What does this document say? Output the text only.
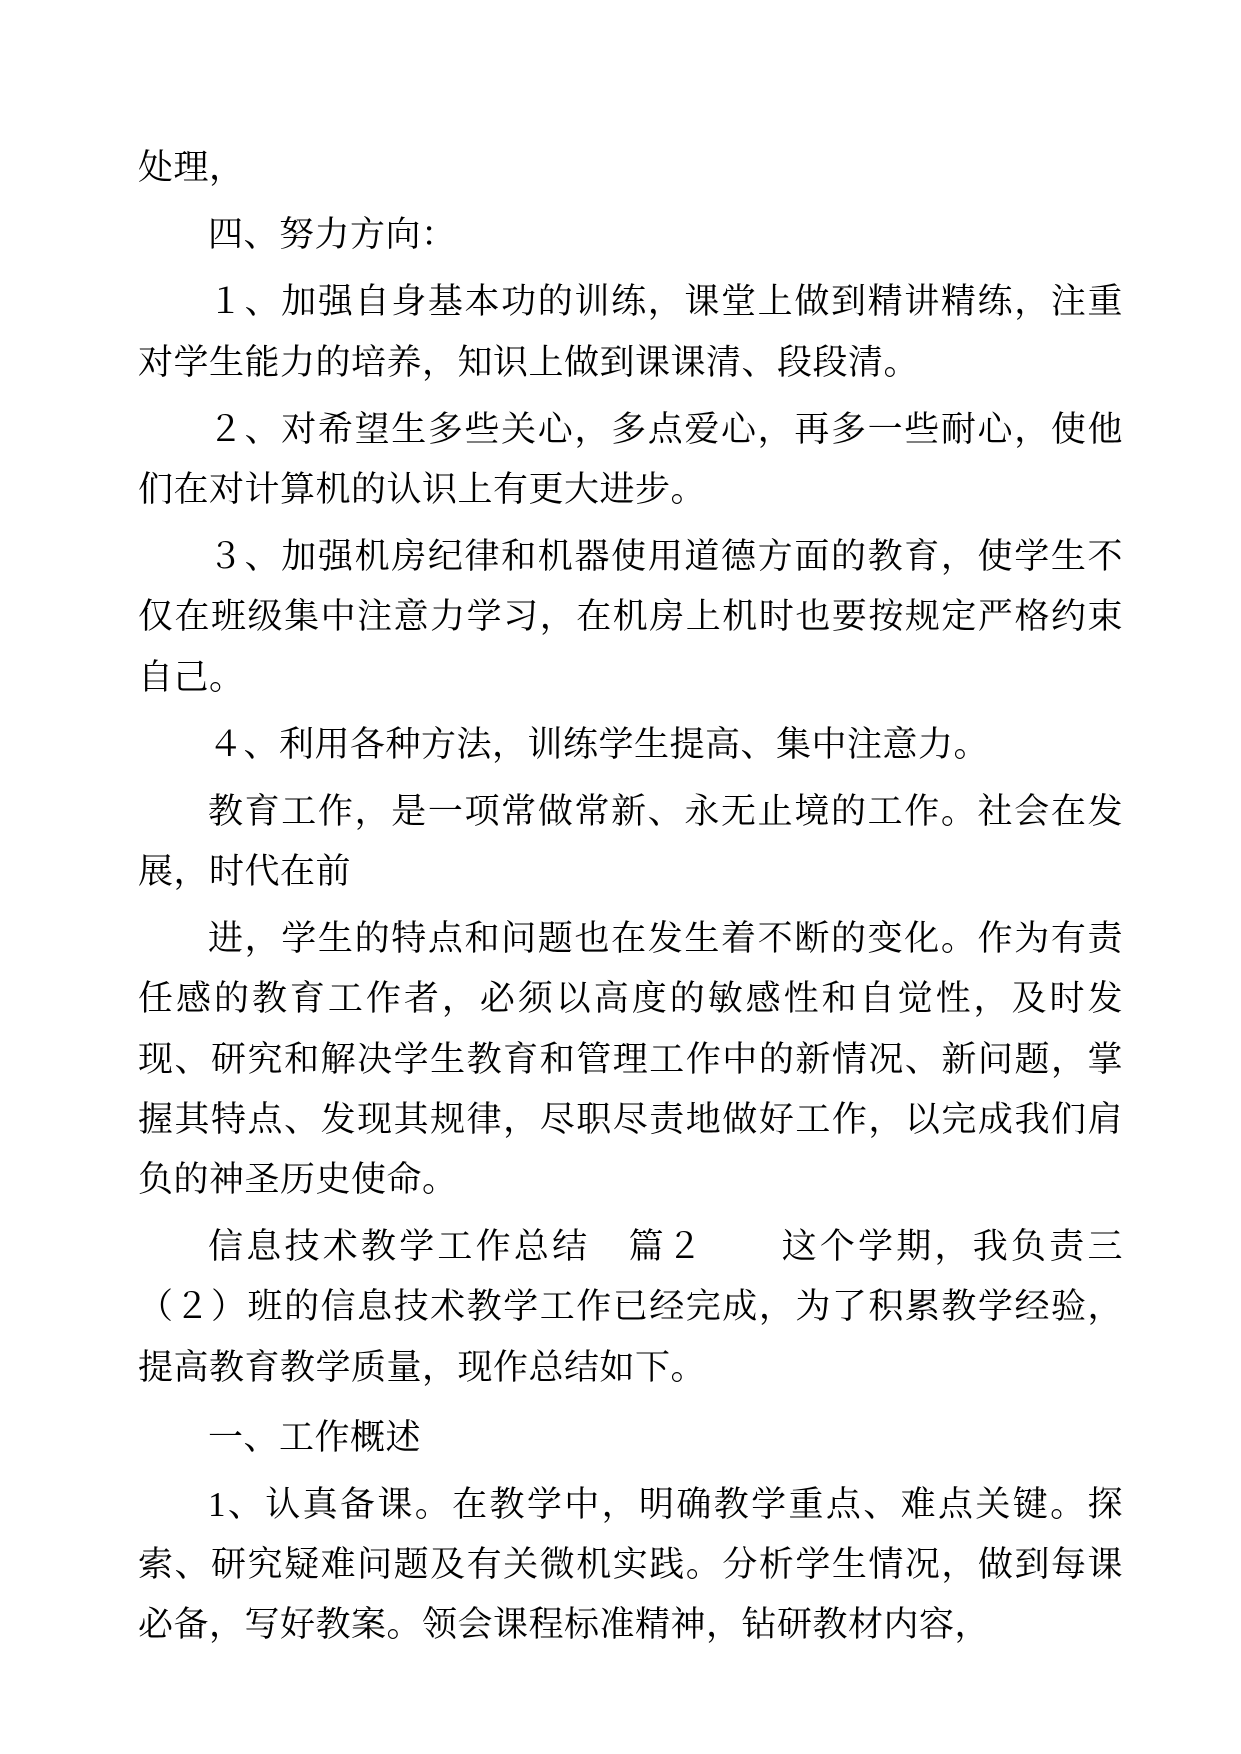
处理，

四、努力方向：

１、加强自身基本功的训练，课堂上做到精讲精练，注重对学生能力的培养，知识上做到课课清、段段清。

２、对希望生多些关心，多点爱心，再多一些耐心，使他们在对计算机的认识上有更大进步。

３、加强机房纪律和机器使用道德方面的教育，使学生不仅在班级集中注意力学习，在机房上机时也要按规定严格约束自己。

４、利用各种方法，训练学生提高、集中注意力。

教育工作，是一项常做常新、永无止境的工作。社会在发展，时代在前

进，学生的特点和问题也在发生着不断的变化。作为有责任感的教育工作者，必须以高度的敏感性和自觉性，及时发现、研究和解决学生教育和管理工作中的新情况、新问题，掌握其特点、发现其规律，尽职尽责地做好工作，以完成我们肩负的神圣历史使命。

信息技术教学工作总结　篇２　　这个学期，我负责三（２）班的信息技术教学工作已经完成，为了积累教学经验，提高教育教学质量，现作总结如下。

一、工作概述

1、认真备课。在教学中，明确教学重点、难点关键。探索、研究疑难问题及有关微机实践。分析学生情况，做到每课必备，写好教案。领会课程标准精神，钻研教材内容，
